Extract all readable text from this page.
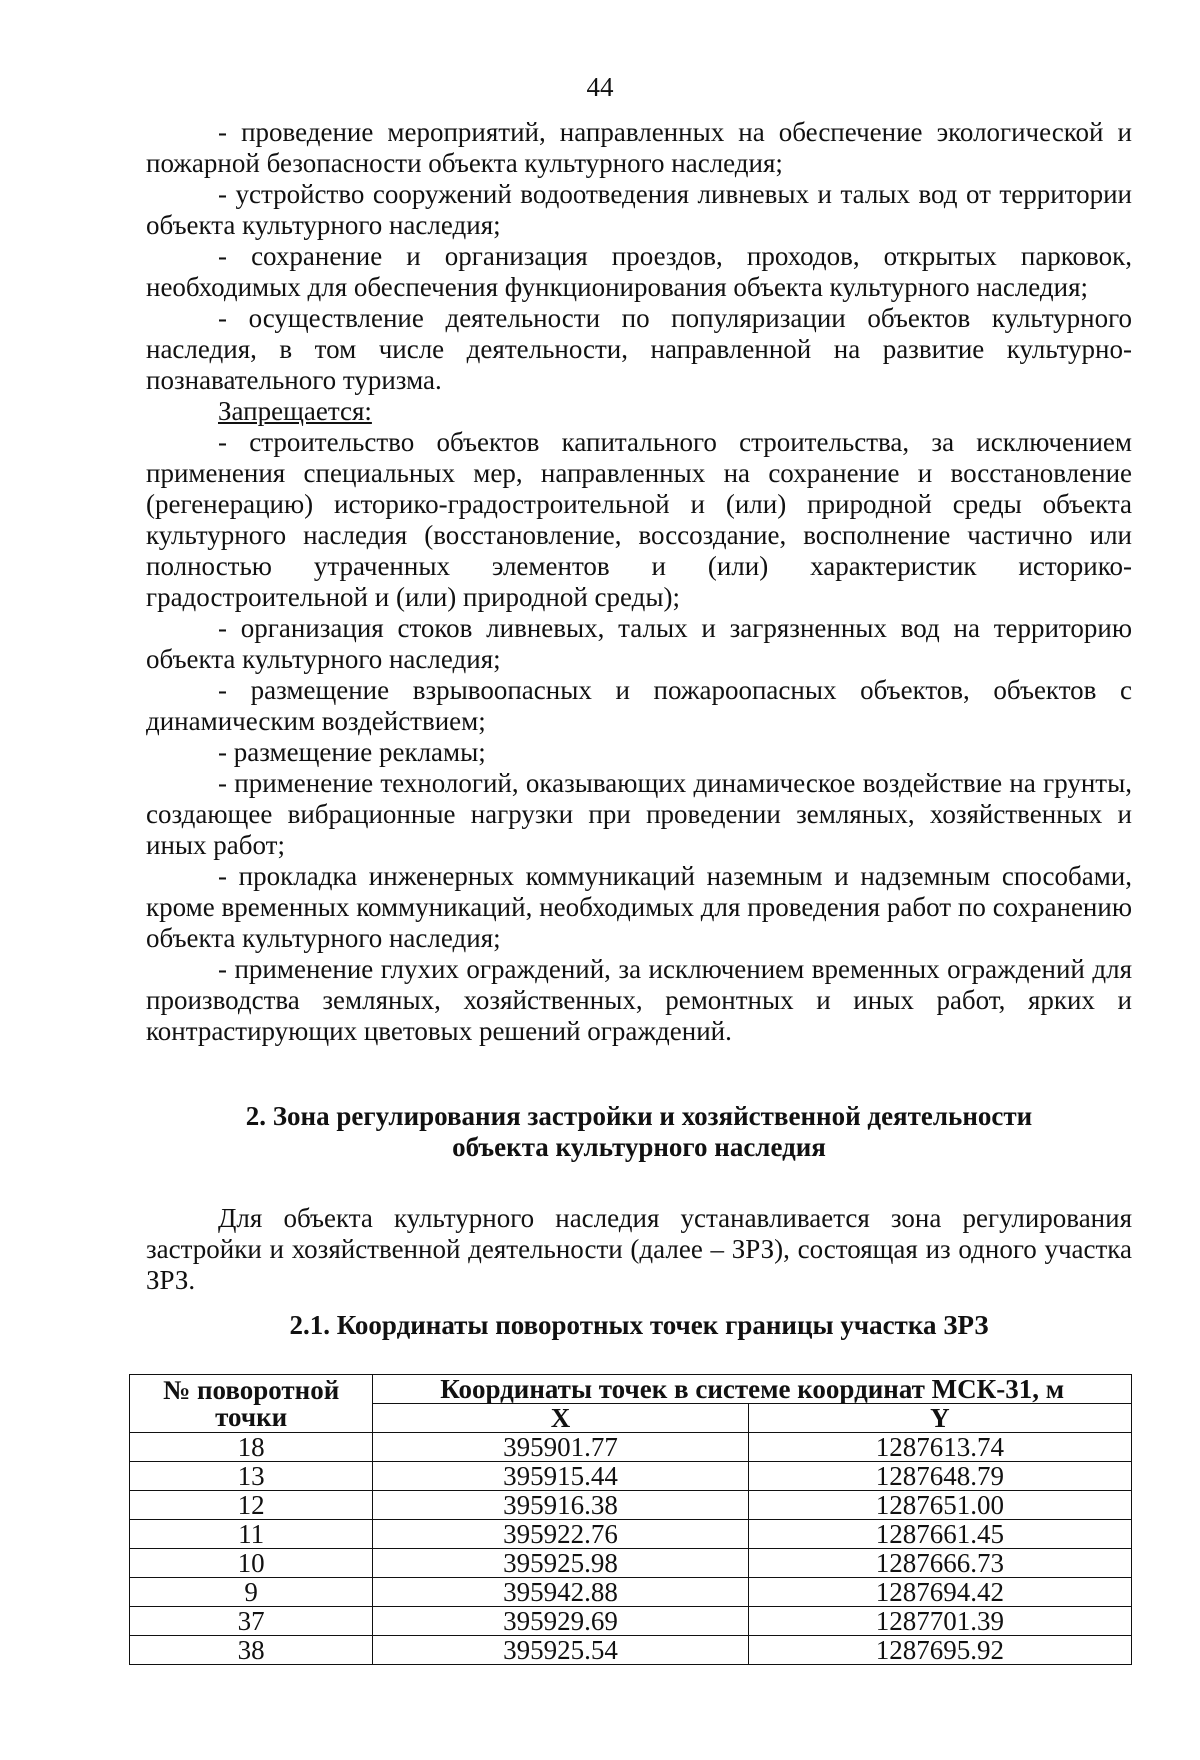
44

- проведение мероприятий, направленных на обеспечение экологической и пожарной безопасности объекта культурного наследия;

- устройство сооружений водоотведения ливневых и талых вод от территории объекта культурного наследия;

- сохранение и организация проездов, проходов, открытых парковок, необходимых для обеспечения функционирования объекта культурного наследия;

- осуществление деятельности по популяризации объектов культурного наследия, в том числе деятельности, направленной на развитие культурно-познавательного туризма.

Запрещается:

- строительство объектов капитального строительства, за исключением применения специальных мер, направленных на сохранение и восстановление (регенерацию) историко-градостроительной и (или) природной среды объекта культурного наследия (восстановление, воссоздание, восполнение частично или полностью утраченных элементов и (или) характеристик историко-градостроительной и (или) природной среды);

- организация стоков ливневых, талых и загрязненных вод на территорию объекта культурного наследия;

- размещение взрывоопасных и пожароопасных объектов, объектов с динамическим воздействием;

- размещение рекламы;

- применение технологий, оказывающих динамическое воздействие на грунты, создающее вибрационные нагрузки при проведении земляных, хозяйственных и иных работ;

- прокладка инженерных коммуникаций наземным и надземным способами, кроме временных коммуникаций, необходимых для проведения работ по сохранению объекта культурного наследия;

- применение глухих ограждений, за исключением временных ограждений для производства земляных, хозяйственных, ремонтных и иных работ, ярких и контрастирующих цветовых решений ограждений.

2. Зона регулирования застройки и хозяйственной деятельности
объекта культурного наследия

Для объекта культурного наследия устанавливается зона регулирования застройки и хозяйственной деятельности (далее – ЗРЗ), состоящая из одного участка ЗРЗ.

2.1. Координаты поворотных точек границы участка ЗРЗ

№ поворотной
точки	Координаты точек в системе координат МСК-31, м	
	X	Y
18	395901.77	1287613.74
13	395915.44	1287648.79
12	395916.38	1287651.00
11	395922.76	1287661.45
10	395925.98	1287666.73
9	395942.88	1287694.42
37	395929.69	1287701.39
38	395925.54	1287695.92
